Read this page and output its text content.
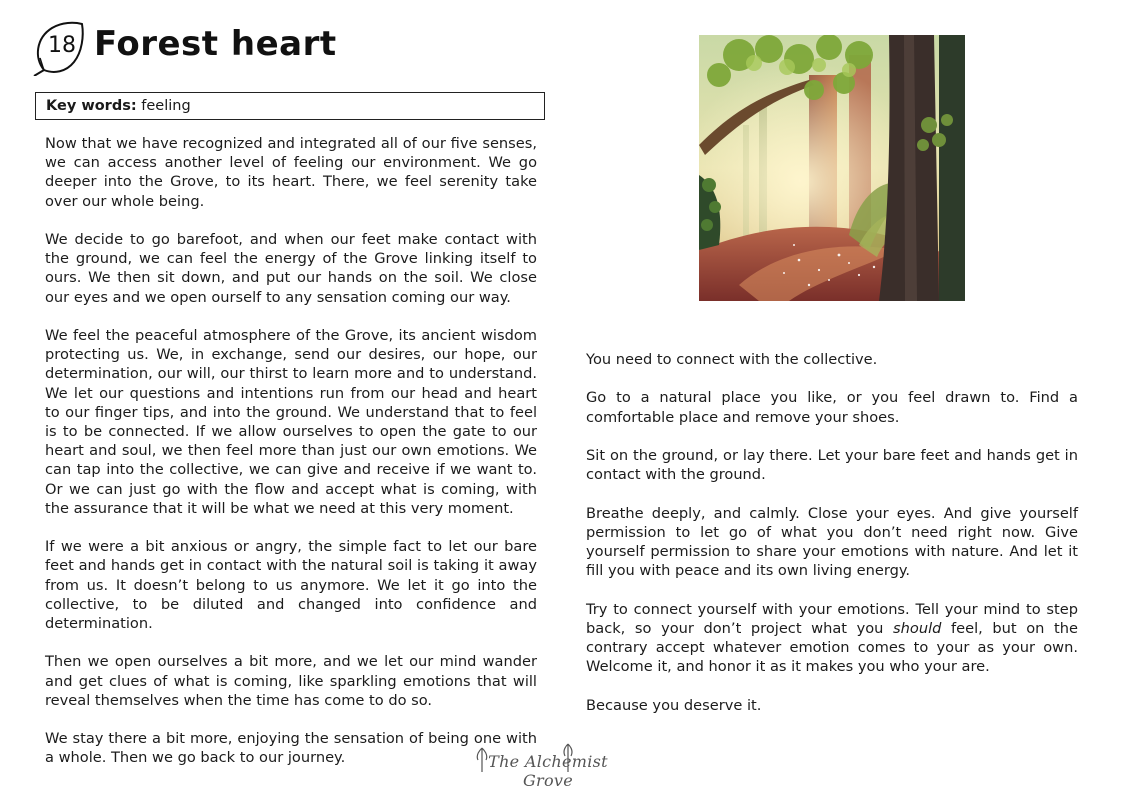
18 Forest heart
Key words: feeling

Now that we have recognized and integrated all of our five senses, we can access another level of feeling our environment. We go deeper into the Grove, to its heart. There, we feel serenity take over our whole being.

We decide to go barefoot, and when our feet make contact with the ground, we can feel the energy of the Grove linking itself to ours. We then sit down, and put our hands on the soil. We close our eyes and we open ourself to any sensation coming our way.

We feel the peaceful atmosphere of the Grove, its ancient wisdom protecting us. We, in exchange, send our desires, our hope, our determination, our will, our thirst to learn more and to understand. We let our questions and intentions run from our head and heart to our finger tips, and into the ground. We understand that to feel is to be connected. If we allow ourselves to open the gate to our heart and soul, we then feel more than just our own emotions. We can tap into the collective, we can give and receive if we want to. Or we can just go with the flow and accept what is coming, with the assurance that it will be what we need at this very moment.

If we were a bit anxious or angry, the simple fact to let our bare feet and hands get in contact with the natural soil is taking it away from us. It doesn’t belong to us anymore. We let it go into the collective, to be diluted and changed into confidence and determination.

Then we open ourselves a bit more, and we let our mind wander and get clues of what is coming, like sparkling emotions that will reveal themselves when the time has come to do so.

We stay there a bit more, enjoying the sensation of being one with a whole. Then we go back to our journey.

You need to connect with the collective.

Go to a natural place you like, or you feel drawn to. Find a comfortable place and remove your shoes.

Sit on the ground, or lay there. Let your bare feet and hands get in contact with the ground.

Breathe deeply, and calmly. Close your eyes. And give yourself permission to let go of what you don’t need right now. Give yourself permission to share your emotions with nature. And let it fill you with peace and its own living energy.

Try to connect yourself with your emotions. Tell your mind to step back, so your don’t project what you should feel, but on the contrary accept whatever emotion comes to your as your own. Welcome it, and honor it as it makes you who your are.

Because you deserve it.

The Alchemist Grove
